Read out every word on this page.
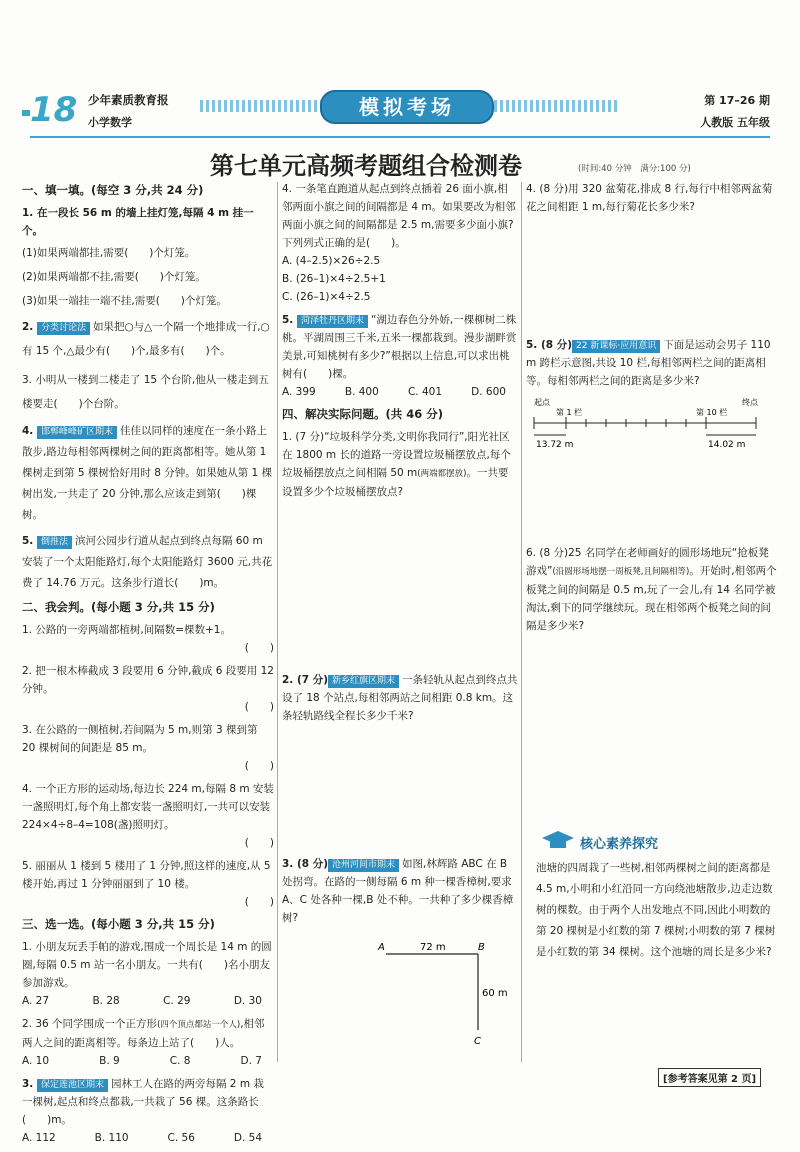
18 少年素质教育报
小学数学
模拟考场	第 17–26 期
人教版 五年级
第七单元高频考题组合检测卷	(时间:40 分钟　满分:100 分)
一、填一填。(每空 3 分,共 24 分)

1. 在一段长 56 m 的墙上挂灯笼,每隔 4 m 挂一个。

(1)如果两端都挂,需要(　　)个灯笼。

(2)如果两端都不挂,需要(　　)个灯笼。

(3)如果一端挂一端不挂,需要(　　)个灯笼。

2. 分类讨论法 如果把○与△一个隔一个地排成一行,○有 15 个,△最少有(　　)个,最多有(　　)个。

3. 小明从一楼到二楼走了 15 个台阶,他从一楼走到五楼要走(　　)个台阶。

4. 邯郸峰峰矿区期末 佳佳以同样的速度在一条小路上散步,路边每相邻两棵树之间的距离都相等。她从第 1 棵树走到第 5 棵树恰好用时 8 分钟。如果她从第 1 棵树出发,一共走了 20 分钟,那么应该走到第(　　)棵树。
5. 倒推法 滨河公园步行道从起点到终点每隔 60 m 安装了一个太阳能路灯,每个太阳能路灯 3600 元,共花费了 14.76 万元。这条步行道长(　　)m。
二、我会判。(每小题 3 分,共 15 分)

1. 公路的一旁两端都植树,间隔数=棵数+1。

(　　)

2. 把一根木棒截成 3 段要用 6 分钟,截成 6 段要用 12 分钟。

(　　)

3. 在公路的一侧植树,若间隔为 5 m,则第 3 棵到第 20 棵树间的间距是 85 m。

(　　)

4. 一个正方形的运动场,每边长 224 m,每隔 8 m 安装一盏照明灯,每个角上都安装一盏照明灯,一共可以安装 224×4÷8–4=108(盏)照明灯。

(　　)

5. 丽丽从 1 楼到 5 楼用了 1 分钟,照这样的速度,从 5 楼开始,再过 1 分钟丽丽到了 10 楼。

(　　)

三、选一选。(每小题 3 分,共 15 分)

1. 小朋友玩丢手帕的游戏,围成一个周长是 14 m 的圆圈,每隔 0.5 m 站一名小朋友。一共有(　　)名小朋友参加游戏。

A. 27	B. 28	C. 29	D. 30
2. 36 个同学围成一个正方形(四个顶点都站一个人),相邻两人之间的距离相等。每条边上站了(　　)人。
A. 10	B. 9	C. 8	D. 7
3. 保定莲池区期末 园林工人在路的两旁每隔 2 m 栽一棵树,起点和终点都栽,一共栽了 56 棵。这条路长(　　)m。
A. 112	B. 110	C. 56	D. 54

4. 一条笔直跑道从起点到终点插着 26 面小旗,相邻两面小旗之间的间隔都是 4 m。如果要改为相邻两面小旗之间的间隔都是 2.5 m,需要多少面小旗?下列列式正确的是(　　)。

A. (4–2.5)×26÷2.5

B. (26–1)×4÷2.5+1

C. (26–1)×4÷2.5

5. 菏泽牡丹区期末 “湖边春色分外娇,一棵柳树二株桃。平湖周围三千米,五米一棵都栽到。漫步湖畔赏美景,可知桃树有多少?”根据以上信息,可以求出桃树有(　　)棵。
A. 399	B. 400	C. 401	D. 600
四、解决实际问题。(共 46 分)
1. (7 分)“垃圾科学分类,文明你我同行”,阳光社区在 1800 m 长的道路一旁设置垃圾桶摆放点,每个垃圾桶摆放点之间相隔 50 m(两端都摆放)。一共要设置多少个垃圾桶摆放点?
2. (7 分) 新乡红旗区期末 一条轻轨从起点到终点共设了 18 个站点,每相邻两站之间相距 0.8 km。这条轻轨路线全程长多少千米?
3. (8 分) 沧州河间市期末 如图,林辉路 ABC 在 B 处拐弯。在路的一侧每隔 6 m 种一棵香樟树,要求 A、C 处各种一棵,B 处不种。一共种了多少棵香樟树?
A	B
C
72 m
60 m

4. (8 分)用 320 盆菊花,排成 8 行,每行中相邻两盆菊花之间相距 1 m,每行菊花长多少米?

5. (8 分) 22 新课标·应用意识 下面是运动会男子 110 m 跨栏示意图,共设 10 栏,每相邻两栏之间的距离相等。每相邻两栏之间的距离是多少米?
起点
第 1 栏	第 10 栏
终点
13.72 m	14.02 m
6. (8 分)25 名同学在老师画好的圆形场地玩“抢板凳游戏”(沿圆形场地摆一周板凳,且间隔相等)。开始时,相邻两个板凳之间的间隔是 0.5 m,玩了一会儿,有 14 名同学被淘汰,剩下的同学继续玩。现在相邻两个板凳之间的间隔是多少米?
核心素养探究

池塘的四周栽了一些树,相邻两棵树之间的距离都是 4.5 m,小明和小红沿同一方向绕池塘散步,边走边数树的棵数。由于两个人出发地点不同,因此小明数的第 20 棵树是小红数的第 7 棵树;小明数的第 7 棵树是小红数的第 34 棵树。这个池塘的周长是多少米?

[参考答案见第 2 页]
